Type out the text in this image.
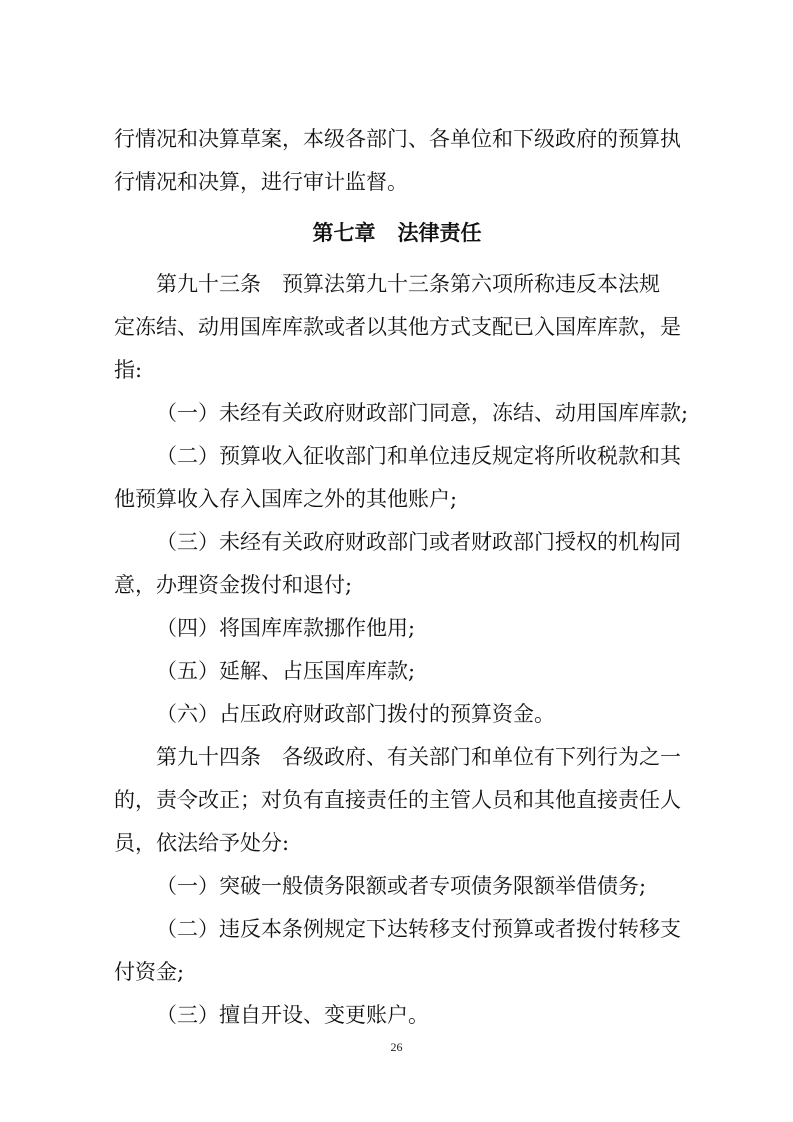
行情况和决算草案，本级各部门、各单位和下级政府的预算执
行情况和决算，进行审计监督。
第七章 法律责任
第九十三条　预算法第九十三条第六项所称违反本法规
定冻结、动用国库库款或者以其他方式支配已入国库库款，是
指:
（一）未经有关政府财政部门同意，冻结、动用国库库款;
（二）预算收入征收部门和单位违反规定将所收税款和其
他预算收入存入国库之外的其他账户;
（三）未经有关政府财政部门或者财政部门授权的机构同
意，办理资金拨付和退付;
（四）将国库库款挪作他用;
（五）延解、占压国库库款;
（六）占压政府财政部门拨付的预算资金。
第九十四条　各级政府、有关部门和单位有下列行为之一
的，责令改正；对负有直接责任的主管人员和其他直接责任人
员，依法给予处分:
（一）突破一般债务限额或者专项债务限额举借债务;
（二）违反本条例规定下达转移支付预算或者拨付转移支
付资金;
（三）擅自开设、变更账户。
26
